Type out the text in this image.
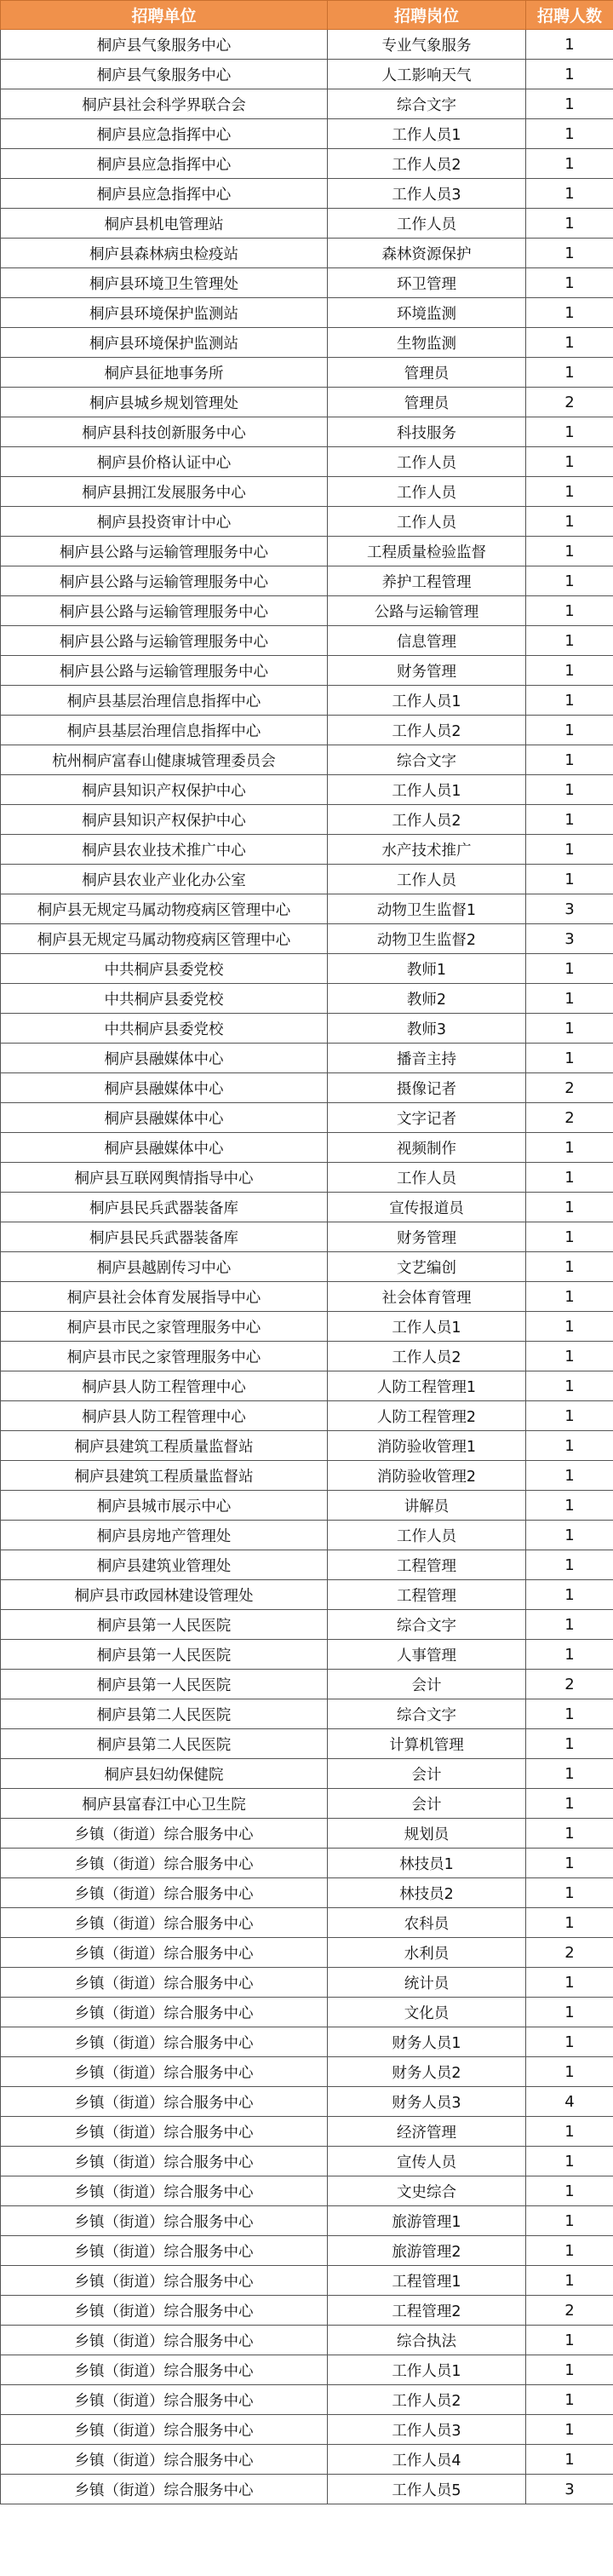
招聘单位	招聘岗位	招聘人数
桐庐县气象服务中心	专业气象服务	1
桐庐县气象服务中心	人工影响天气	1
桐庐县社会科学界联合会	综合文字	1
桐庐县应急指挥中心	工作人员1	1
桐庐县应急指挥中心	工作人员2	1
桐庐县应急指挥中心	工作人员3	1
桐庐县机电管理站	工作人员	1
桐庐县森林病虫检疫站	森林资源保护	1
桐庐县环境卫生管理处	环卫管理	1
桐庐县环境保护监测站	环境监测	1
桐庐县环境保护监测站	生物监测	1
桐庐县征地事务所	管理员	1
桐庐县城乡规划管理处	管理员	2
桐庐县科技创新服务中心	科技服务	1
桐庐县价格认证中心	工作人员	1
桐庐县拥江发展服务中心	工作人员	1
桐庐县投资审计中心	工作人员	1
桐庐县公路与运输管理服务中心	工程质量检验监督	1
桐庐县公路与运输管理服务中心	养护工程管理	1
桐庐县公路与运输管理服务中心	公路与运输管理	1
桐庐县公路与运输管理服务中心	信息管理	1
桐庐县公路与运输管理服务中心	财务管理	1
桐庐县基层治理信息指挥中心	工作人员1	1
桐庐县基层治理信息指挥中心	工作人员2	1
杭州桐庐富春山健康城管理委员会	综合文字	1
桐庐县知识产权保护中心	工作人员1	1
桐庐县知识产权保护中心	工作人员2	1
桐庐县农业技术推广中心	水产技术推广	1
桐庐县农业产业化办公室	工作人员	1
桐庐县无规定马属动物疫病区管理中心	动物卫生监督1	3
桐庐县无规定马属动物疫病区管理中心	动物卫生监督2	3
中共桐庐县委党校	教师1	1
中共桐庐县委党校	教师2	1
中共桐庐县委党校	教师3	1
桐庐县融媒体中心	播音主持	1
桐庐县融媒体中心	摄像记者	2
桐庐县融媒体中心	文字记者	2
桐庐县融媒体中心	视频制作	1
桐庐县互联网舆情指导中心	工作人员	1
桐庐县民兵武器装备库	宣传报道员	1
桐庐县民兵武器装备库	财务管理	1
桐庐县越剧传习中心	文艺编创	1
桐庐县社会体育发展指导中心	社会体育管理	1
桐庐县市民之家管理服务中心	工作人员1	1
桐庐县市民之家管理服务中心	工作人员2	1
桐庐县人防工程管理中心	人防工程管理1	1
桐庐县人防工程管理中心	人防工程管理2	1
桐庐县建筑工程质量监督站	消防验收管理1	1
桐庐县建筑工程质量监督站	消防验收管理2	1
桐庐县城市展示中心	讲解员	1
桐庐县房地产管理处	工作人员	1
桐庐县建筑业管理处	工程管理	1
桐庐县市政园林建设管理处	工程管理	1
桐庐县第一人民医院	综合文字	1
桐庐县第一人民医院	人事管理	1
桐庐县第一人民医院	会计	2
桐庐县第二人民医院	综合文字	1
桐庐县第二人民医院	计算机管理	1
桐庐县妇幼保健院	会计	1
桐庐县富春江中心卫生院	会计	1
乡镇（街道）综合服务中心	规划员	1
乡镇（街道）综合服务中心	林技员1	1
乡镇（街道）综合服务中心	林技员2	1
乡镇（街道）综合服务中心	农科员	1
乡镇（街道）综合服务中心	水利员	2
乡镇（街道）综合服务中心	统计员	1
乡镇（街道）综合服务中心	文化员	1
乡镇（街道）综合服务中心	财务人员1	1
乡镇（街道）综合服务中心	财务人员2	1
乡镇（街道）综合服务中心	财务人员3	4
乡镇（街道）综合服务中心	经济管理	1
乡镇（街道）综合服务中心	宣传人员	1
乡镇（街道）综合服务中心	文史综合	1
乡镇（街道）综合服务中心	旅游管理1	1
乡镇（街道）综合服务中心	旅游管理2	1
乡镇（街道）综合服务中心	工程管理1	1
乡镇（街道）综合服务中心	工程管理2	2
乡镇（街道）综合服务中心	综合执法	1
乡镇（街道）综合服务中心	工作人员1	1
乡镇（街道）综合服务中心	工作人员2	1
乡镇（街道）综合服务中心	工作人员3	1
乡镇（街道）综合服务中心	工作人员4	1
乡镇（街道）综合服务中心	工作人员5	3
